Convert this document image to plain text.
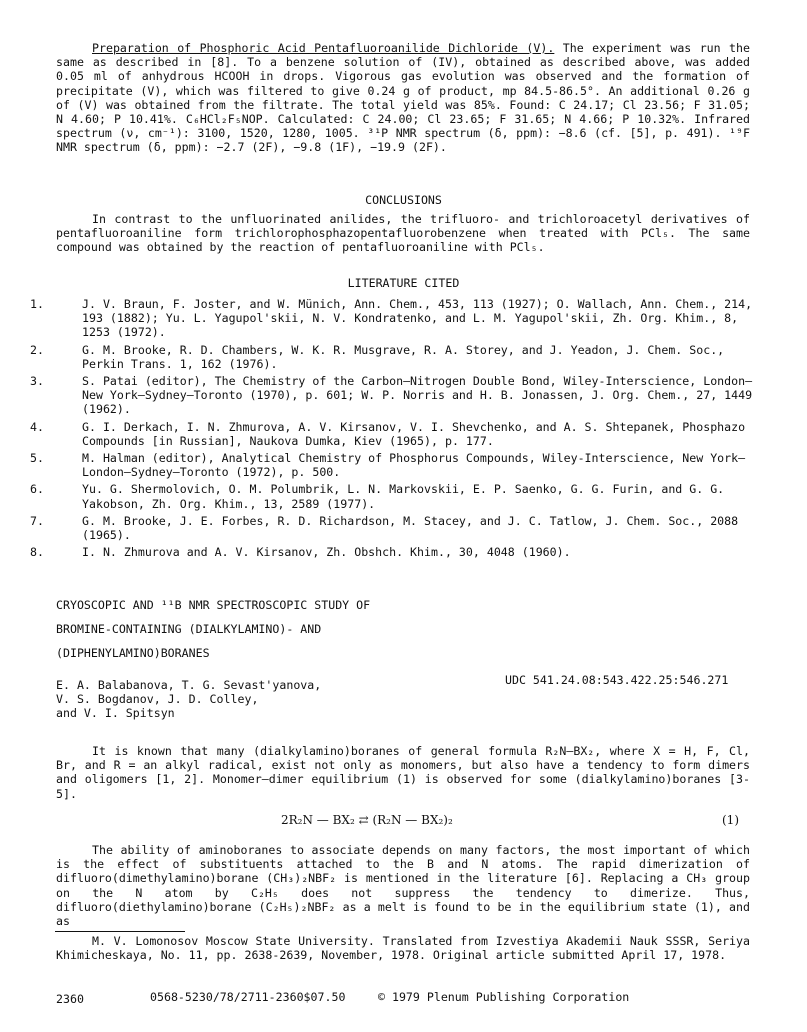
Preparation of Phosphoric Acid Pentafluoroanilide Dichloride (V). The experiment was run the same as described in [8]. To a benzene solution of (IV), obtained as described above, was added 0.05 ml of anhydrous HCOOH in drops. Vigorous gas evolution was observed and the formation of precipitate (V), which was filtered to give 0.24 g of product, mp 84.5-86.5°. An additional 0.26 g of (V) was obtained from the filtrate. The total yield was 85%. Found: C 24.17; Cl 23.56; F 31.05; N 4.60; P 10.41%. C₆HCl₂F₅NOP. Calculated: C 24.00; Cl 23.65; F 31.65; N 4.66; P 10.32%. Infrared spectrum (ν, cm⁻¹): 3100, 1520, 1280, 1005. ³¹P NMR spectrum (δ, ppm): −8.6 (cf. [5], p. 491). ¹⁹F NMR spectrum (δ, ppm): −2.7 (2F), −9.8 (1F), −19.9 (2F).

CONCLUSIONS

In contrast to the unfluorinated anilides, the trifluoro- and trichloroacetyl derivatives of pentafluoroaniline form trichlorophosphazopentafluorobenzene when treated with PCl₅. The same compound was obtained by the reaction of pentafluoroaniline with PCl₅.

LITERATURE CITED
1.	J. V. Braun, F. Joster, and W. Münich, Ann. Chem., 453, 113 (1927); O. Wallach, Ann. Chem., 214, 193 (1882); Yu. L. Yagupol'skii, N. V. Kondratenko, and L. M. Yagupol'skii, Zh. Org. Khim., 8, 1253 (1972).
2.	G. M. Brooke, R. D. Chambers, W. K. R. Musgrave, R. A. Storey, and J. Yeadon, J. Chem. Soc., Perkin Trans. 1, 162 (1976).
3.	S. Patai (editor), The Chemistry of the Carbon—Nitrogen Double Bond, Wiley-Interscience, London—New York—Sydney—Toronto (1970), p. 601; W. P. Norris and H. B. Jonassen, J. Org. Chem., 27, 1449 (1962).
4.	G. I. Derkach, I. N. Zhmurova, A. V. Kirsanov, V. I. Shevchenko, and A. S. Shtepanek, Phosphazo Compounds [in Russian], Naukova Dumka, Kiev (1965), p. 177.
5.	M. Halman (editor), Analytical Chemistry of Phosphorus Compounds, Wiley-Interscience, New York—London—Sydney—Toronto (1972), p. 500.
6.	Yu. G. Shermolovich, O. M. Polumbrik, L. N. Markovskii, E. P. Saenko, G. G. Furin, and G. G. Yakobson, Zh. Org. Khim., 13, 2589 (1977).
7.	G. M. Brooke, J. E. Forbes, R. D. Richardson, M. Stacey, and J. C. Tatlow, J. Chem. Soc., 2088 (1965).
8.	I. N. Zhmurova and A. V. Kirsanov, Zh. Obshch. Khim., 30, 4048 (1960).
CRYOSCOPIC AND ¹¹B NMR SPECTROSCOPIC STUDY OF
BROMINE-CONTAINING (DIALKYLAMINO)- AND
(DIPHENYLAMINO)BORANES
E. A. Balabanova, T. G. Sevast'yanova,
V. S. Bogdanov, J. D. Colley,
and V. I. Spitsyn
UDC 541.24.08:543.422.25:546.271

It is known that many (dialkylamino)boranes of general formula R₂N—BX₂, where X = H, F, Cl, Br, and R = an alkyl radical, exist not only as monomers, but also have a tendency to form dimers and oligomers [1, 2]. Monomer—dimer equilibrium (1) is observed for some (dialkylamino)boranes [3-5].

2R₂N — BX₂ ⇄ (R₂N — BX₂)₂	(1)

The ability of aminoboranes to associate depends on many factors, the most important of which is the effect of substituents attached to the B and N atoms. The rapid dimerization of difluoro(dimethylamino)borane (CH₃)₂NBF₂ is mentioned in the literature [6]. Replacing a CH₃ group on the N atom by C₂H₅ does not suppress the tendency to dimerize. Thus, difluoro(diethylamino)borane (C₂H₅)₂NBF₂ as a melt is found to be in the equilibrium state (1), and as

M. V. Lomonosov Moscow State University. Translated from Izvestiya Akademii Nauk SSSR, Seriya Khimicheskaya, No. 11, pp. 2638-2639, November, 1978. Original article submitted April 17, 1978.

2360	0568-5230/78/2711-2360$07.50	© 1979 Plenum Publishing Corporation
